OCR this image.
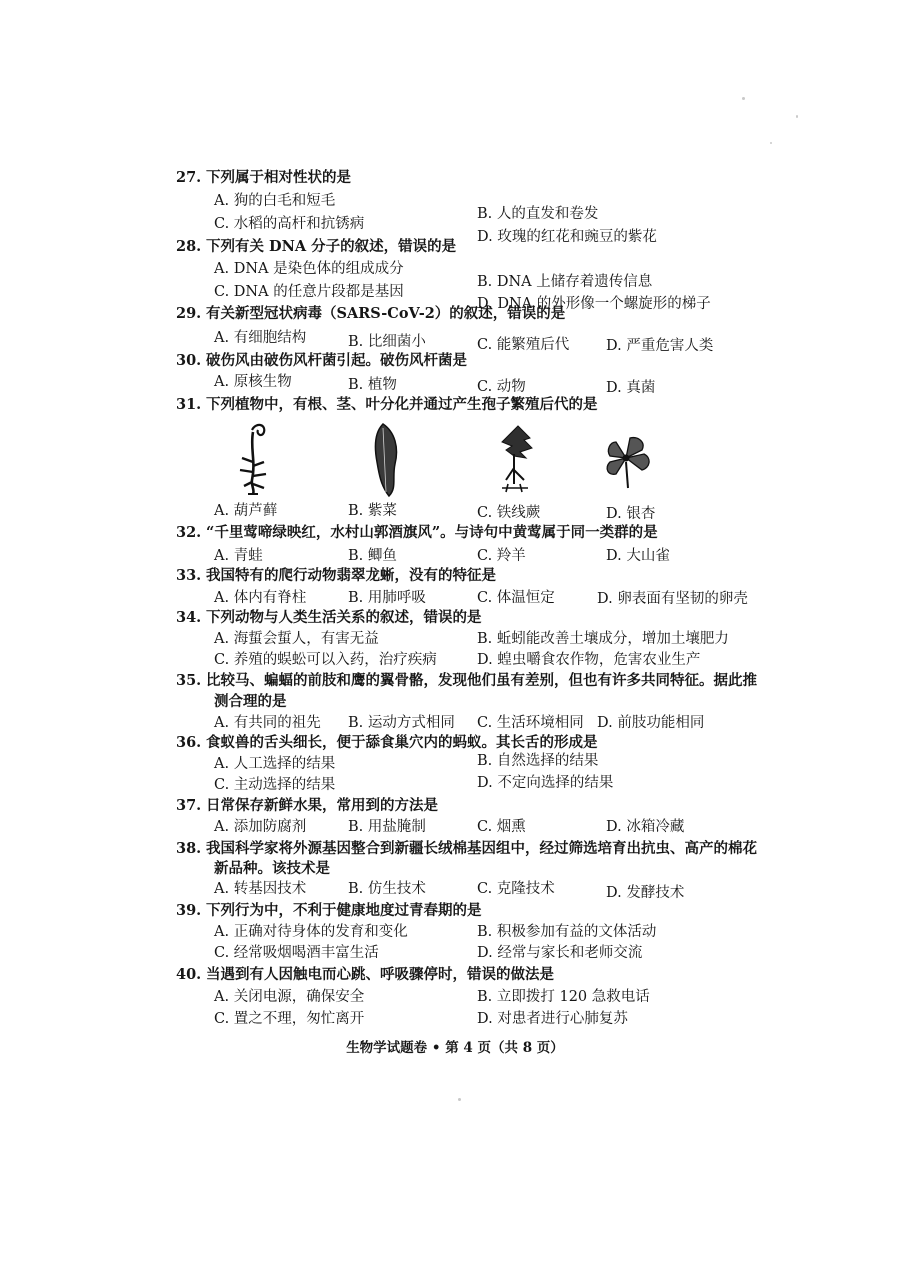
27. 下列属于相对性状的是
A. 狗的白毛和短毛
B. 人的直发和卷发
C. 水稻的高杆和抗锈病
D. 玫瑰的红花和豌豆的紫花
28. 下列有关 DNA 分子的叙述，错误的是
A. DNA 是染色体的组成成分
B. DNA 上储存着遗传信息
C. DNA 的任意片段都是基因
D. DNA 的外形像一个螺旋形的梯子
29. 有关新型冠状病毒（SARS-CoV-2）的叙述，错误的是
A. 有细胞结构	B. 比细菌小	C. 能繁殖后代	D. 严重危害人类
30. 破伤风由破伤风杆菌引起。破伤风杆菌是
A. 原核生物	B. 植物	C. 动物	D. 真菌
31. 下列植物中，有根、茎、叶分化并通过产生孢子繁殖后代的是
A. 葫芦藓	B. 紫菜	C. 铁线蕨	D. 银杏
32. “千里莺啼绿映红，水村山郭酒旗风”。与诗句中黄莺属于同一类群的是
A. 青蛙	B. 鲫鱼	C. 羚羊	D. 大山雀
33. 我国特有的爬行动物翡翠龙蜥，没有的特征是
A. 体内有脊柱	B. 用肺呼吸	C. 体温恒定	D. 卵表面有坚韧的卵壳
34. 下列动物与人类生活关系的叙述，错误的是
A. 海蜇会蜇人，有害无益	B. 蚯蚓能改善土壤成分，增加土壤肥力
C. 养殖的蜈蚣可以入药，治疗疾病	D. 蝗虫嚼食农作物，危害农业生产
35. 比较马、蝙蝠的前肢和鹰的翼骨骼，发现他们虽有差别，但也有许多共同特征。据此推
测合理的是
A. 有共同的祖先 B. 运动方式相同 C. 生活环境相同 D. 前肢功能相同
36. 食蚁兽的舌头细长，便于舔食巢穴内的蚂蚁。其长舌的形成是
A. 人工选择的结果	B. 自然选择的结果
C. 主动选择的结果	D. 不定向选择的结果
37. 日常保存新鲜水果，常用到的方法是
A. 添加防腐剂	B. 用盐腌制	C. 烟熏	D. 冰箱冷藏
38. 我国科学家将外源基因整合到新疆长绒棉基因组中，经过筛选培育出抗虫、高产的棉花
新品种。该技术是
A. 转基因技术	B. 仿生技术	C. 克隆技术	D. 发酵技术
39. 下列行为中，不利于健康地度过青春期的是
A. 正确对待身体的发育和变化	B. 积极参加有益的文体活动
C. 经常吸烟喝酒丰富生活	D. 经常与家长和老师交流
40. 当遇到有人因触电而心跳、呼吸骤停时，错误的做法是
A. 关闭电源，确保安全	B. 立即拨打 120 急救电话
C. 置之不理，匆忙离开	D. 对患者进行心肺复苏
生物学试题卷 • 第 4 页（共 8 页）
